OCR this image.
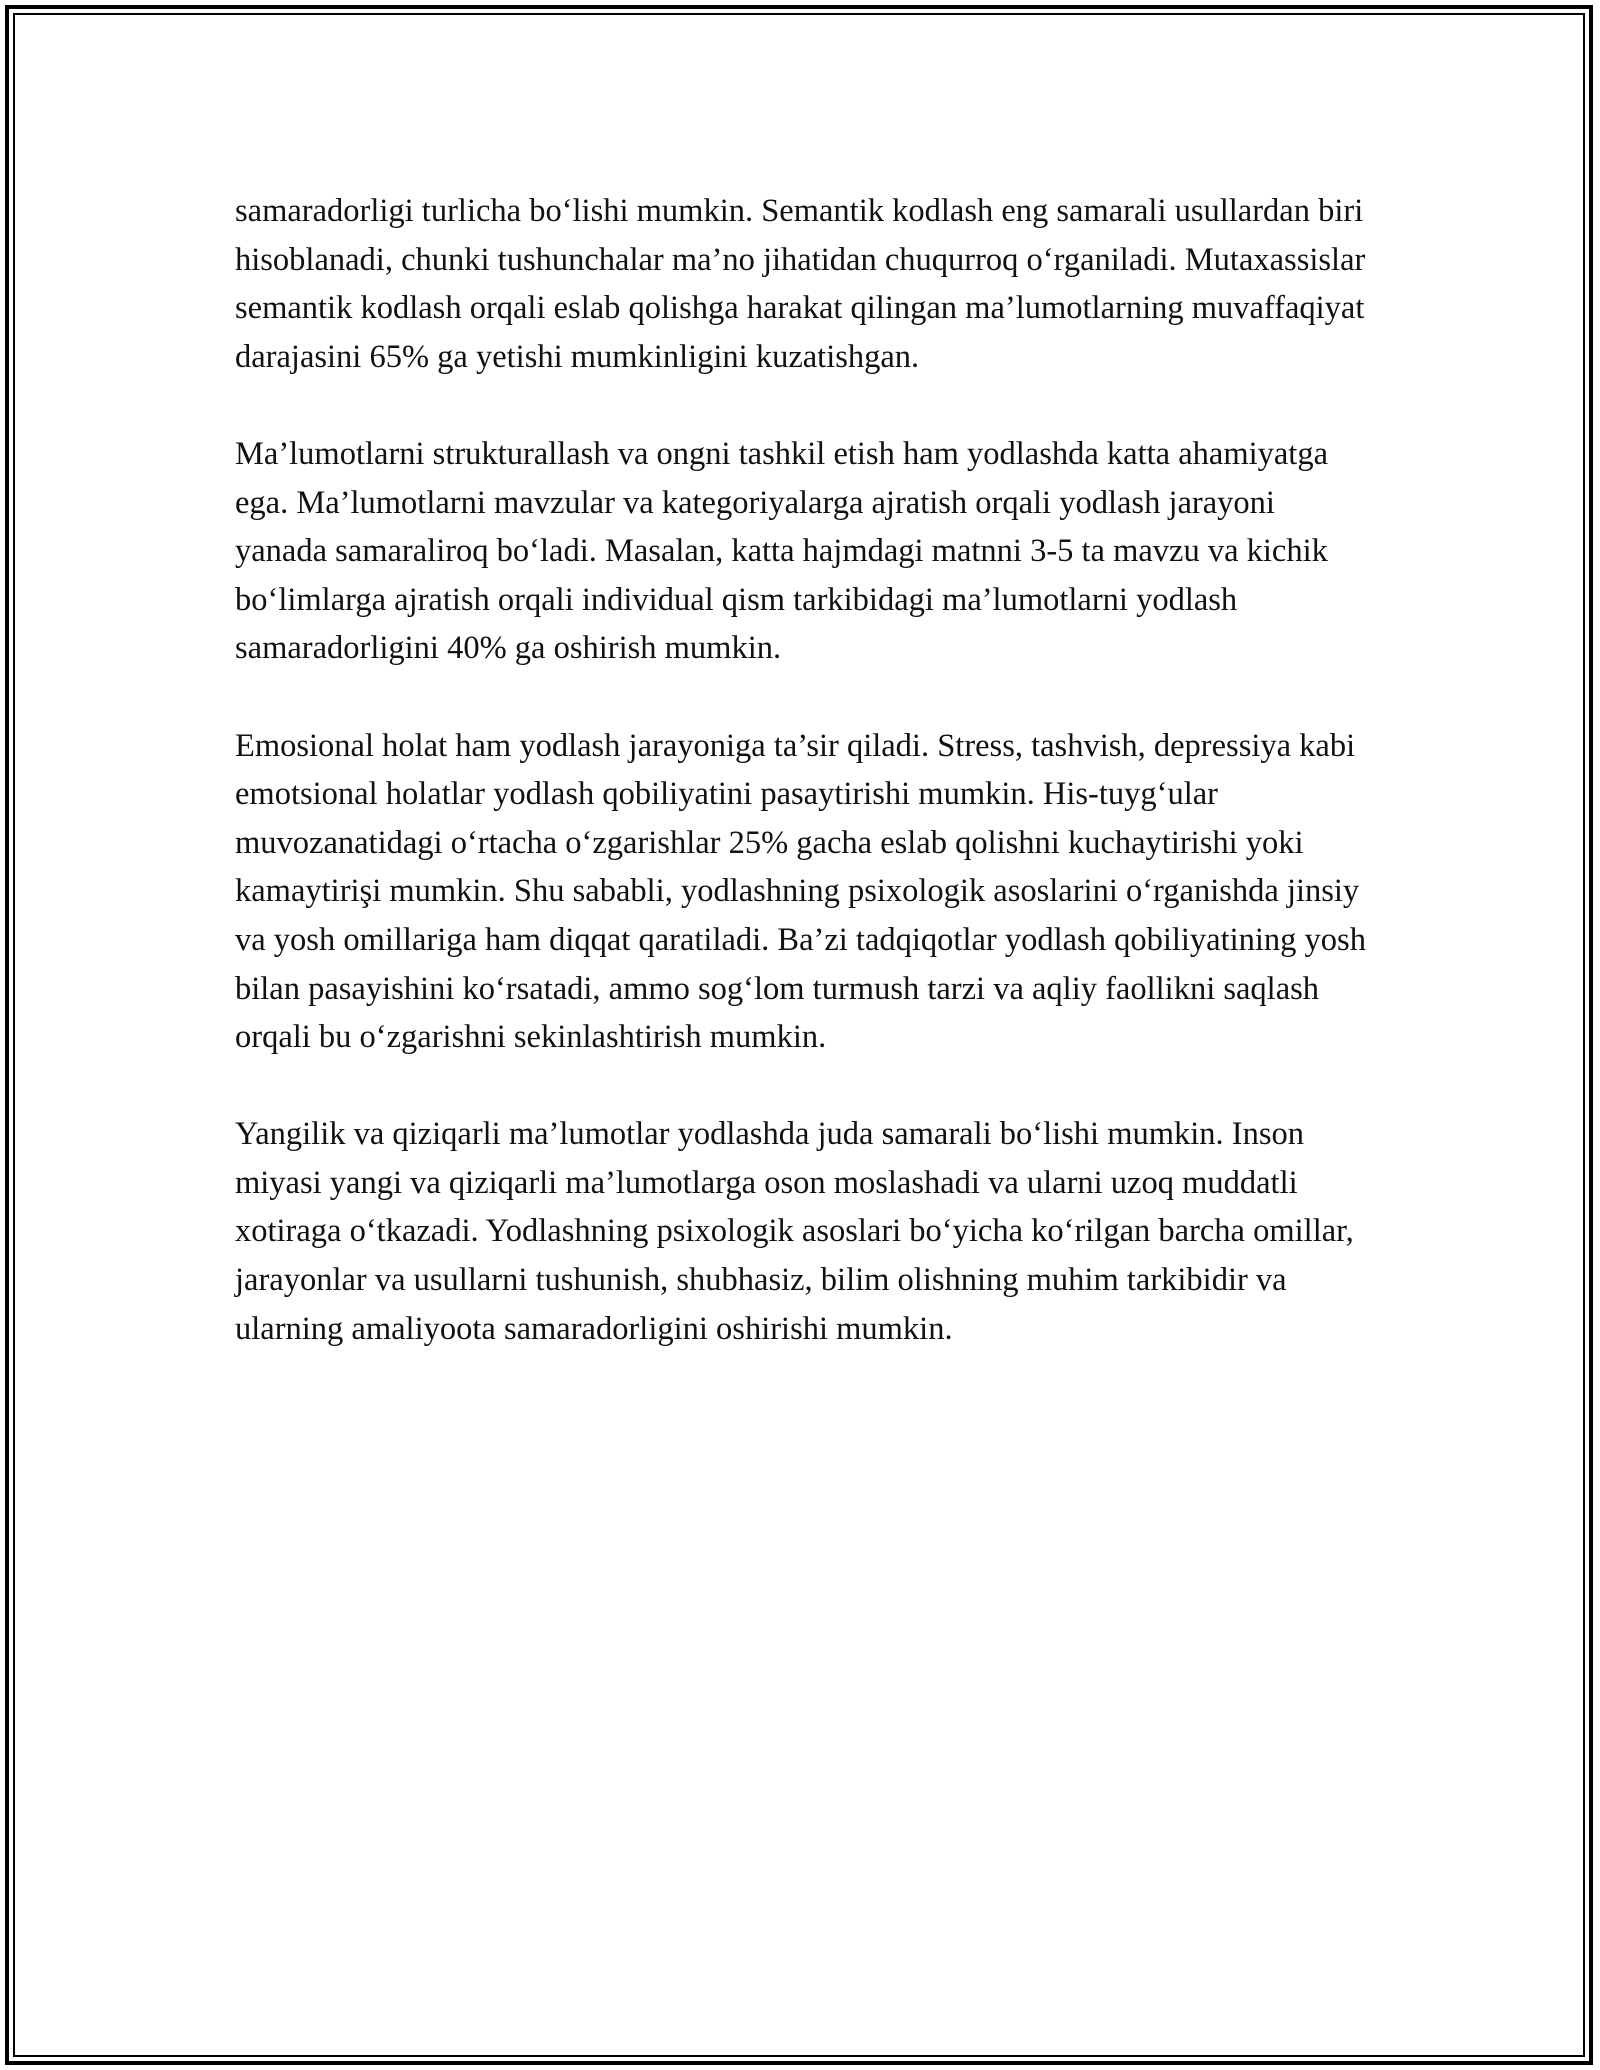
samaradorligi turlicha bo‘lishi mumkin. Semantik kodlash eng samarali usullardan biri hisoblanadi, chunki tushunchalar ma’no jihatidan chuqurroq o‘rganiladi. Mutaxassislar semantik kodlash orqali eslab qolishga harakat qilingan ma’lumotlarning muvaffaqiyat darajasini 65% ga yetishi mumkinligini kuzatishgan.

Ma’lumotlarni strukturallash va ongni tashkil etish ham yodlashda katta ahamiyatga ega. Ma’lumotlarni mavzular va kategoriyalarga ajratish orqali yodlash jarayoni yanada samaraliroq bo‘ladi. Masalan, katta hajmdagi matnni 3-5 ta mavzu va kichik bo‘limlarga ajratish orqali individual qism tarkibidagi ma’lumotlarni yodlash samaradorligini 40% ga oshirish mumkin.

Emosional holat ham yodlash jarayoniga ta’sir qiladi. Stress, tashvish, depressiya kabi emotsional holatlar yodlash qobiliyatini pasaytirishi mumkin. His-tuyg‘ular muvozanatidagi o‘rtacha o‘zgarishlar 25% gacha eslab qolishni kuchaytirishi yoki kamaytirişi mumkin. Shu sababli, yodlashning psixologik asoslarini o‘rganishda jinsiy va yosh omillariga ham diqqat qaratiladi. Ba’zi tadqiqotlar yodlash qobiliyatining yosh bilan pasayishini ko‘rsatadi, ammo sog‘lom turmush tarzi va aqliy faollikni saqlash orqali bu o‘zgarishni sekinlashtirish mumkin.

Yangilik va qiziqarli ma’lumotlar yodlashda juda samarali bo‘lishi mumkin. Inson miyasi yangi va qiziqarli ma’lumotlarga oson moslashadi va ularni uzoq muddatli xotiraga o‘tkazadi. Yodlashning psixologik asoslari bo‘yicha ko‘rilgan barcha omillar, jarayonlar va usullarni tushunish, shubhasiz, bilim olishning muhim tarkibidir va ularning amaliyoota samaradorligini oshirishi mumkin.
